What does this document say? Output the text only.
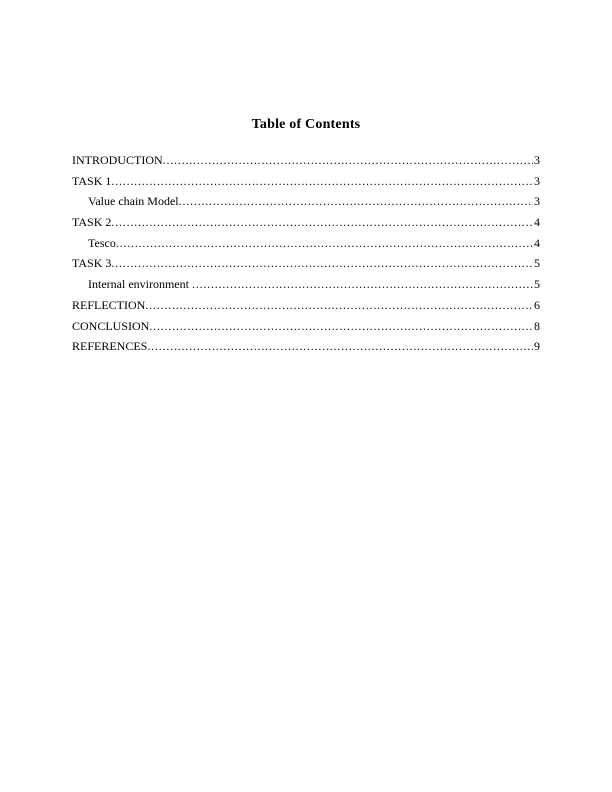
Table of Contents
INTRODUCTION .....	3
TASK 1 .....	3
Value chain Model .....	3
TASK 2 .....	4
Tesco .....	4
TASK 3 .....	5
Internal environment .....	5
REFLECTION .....	6
CONCLUSION .....	8
REFERENCES .....	9
